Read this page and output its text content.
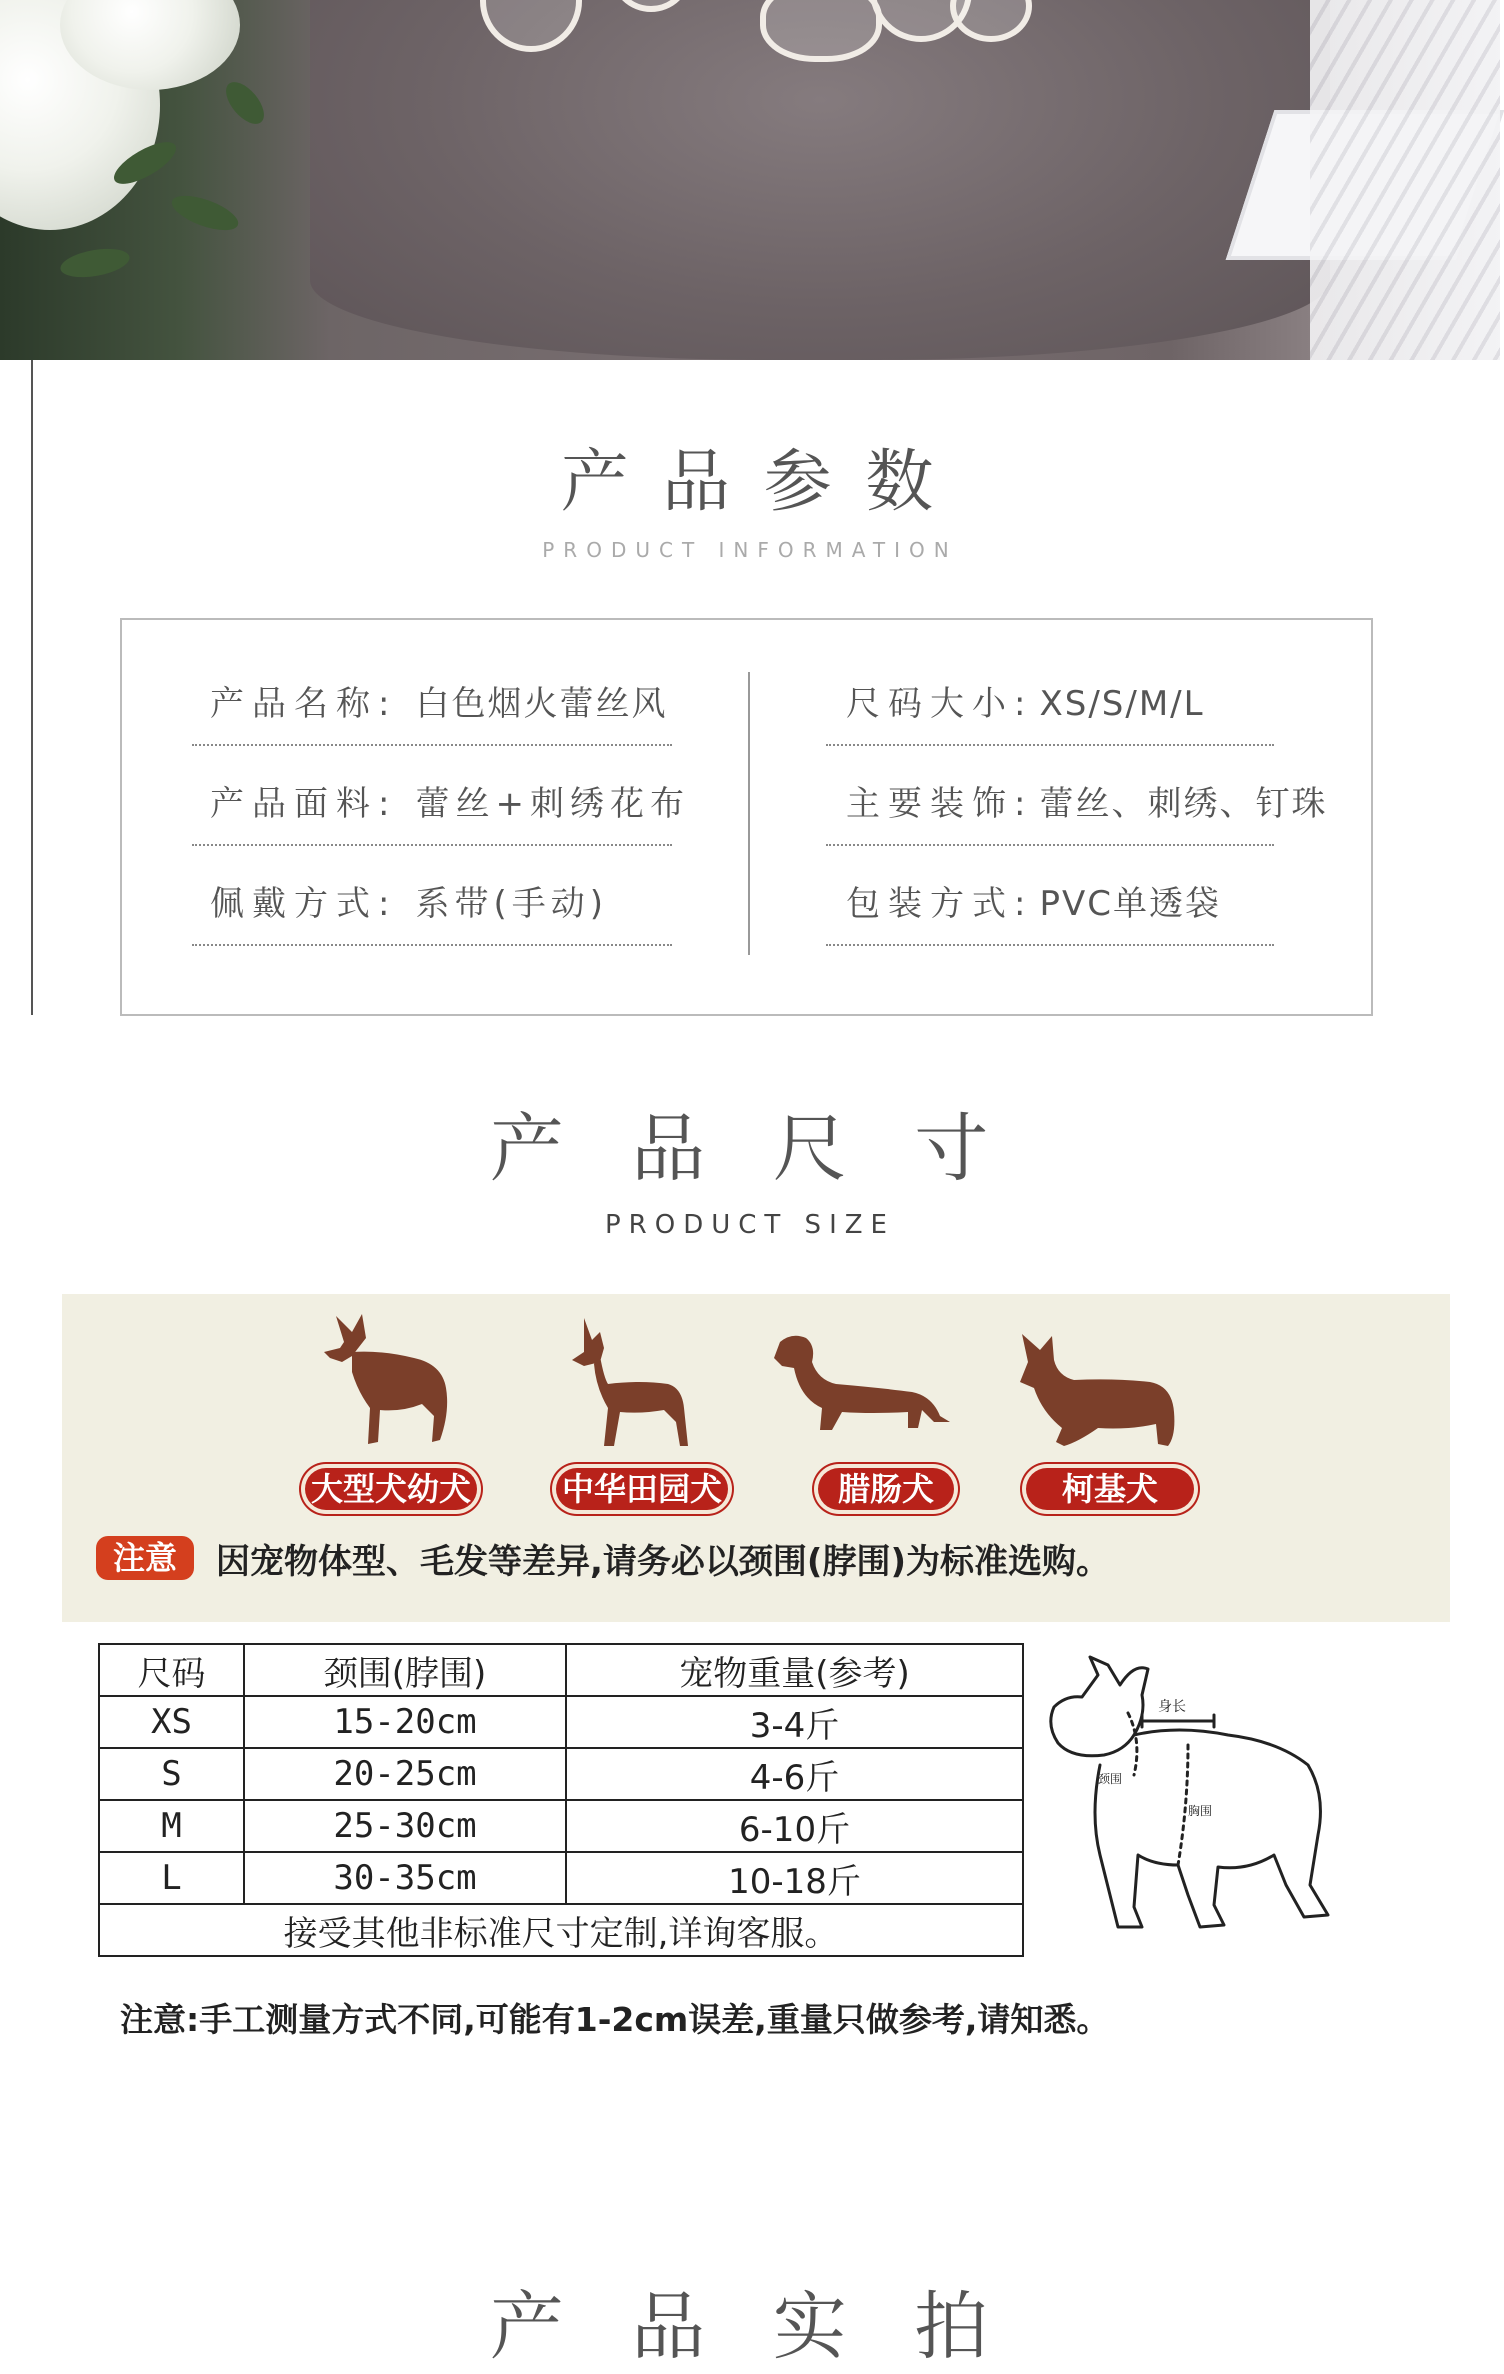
产 品 参 数
PRODUCT INFORMATION
产品名称: 白色烟火蕾丝风
产品面料: 蕾丝+刺绣花布
佩戴方式: 系带(手动)
尺码大小: XS/S/M/L
主要装饰: 蕾丝、刺绣、钉珠
包装方式: PVC单透袋
产 品 尺 寸
PRODUCT SIZE
大型犬幼犬	中华田园犬	腊肠犬	柯基犬
注意	因宠物体型、毛发等差异,请务必以颈围(脖围)为标准选购。
尺码	颈围(脖围)	宠物重量(参考)
XS	15-20cm	3-4斤
S	20-25cm	4-6斤
M	25-30cm	6-10斤
L	30-35cm	10-18斤
接受其他非标准尺寸定制,详询客服。		
身长
颈围
胸围
注意:手工测量方式不同,可能有1-2cm误差,重量只做参考,请知悉。
产 品 实 拍
